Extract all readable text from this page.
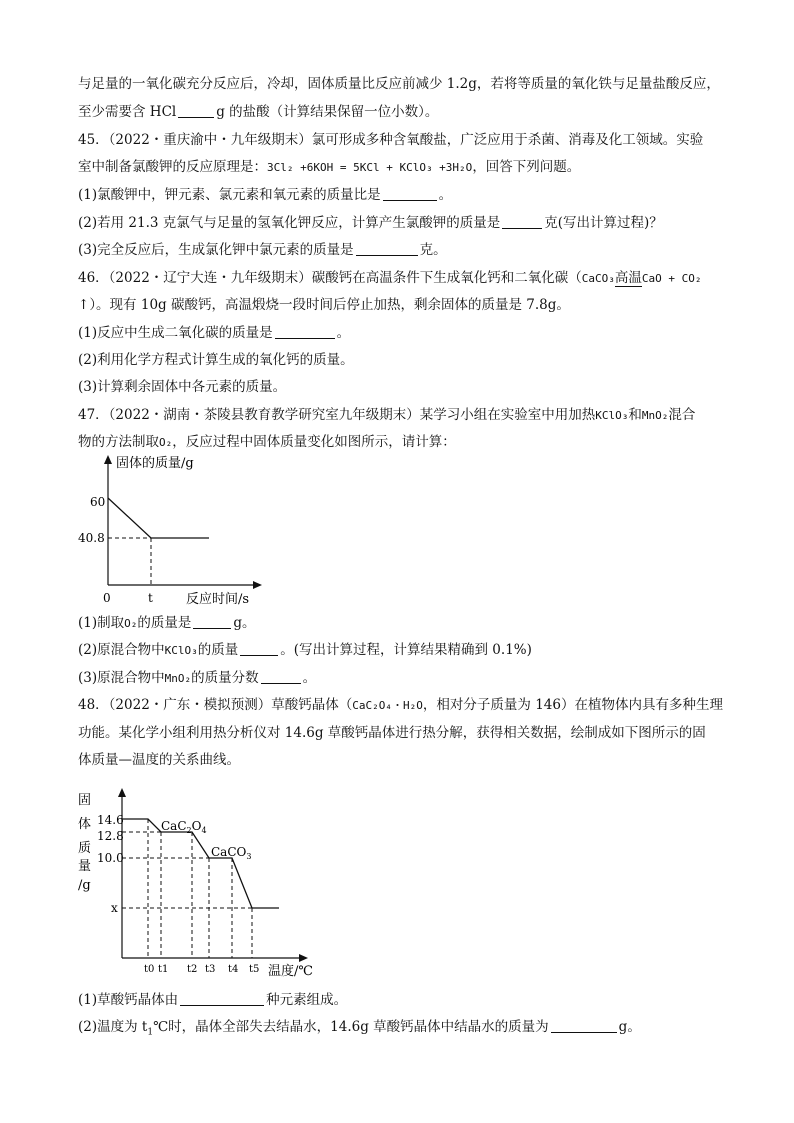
与足量的一氧化碳充分反应后，冷却，固体质量比反应前减少 1.2g，若将等质量的氧化铁与足量盐酸反应，
至少需要含 HCl	g 的盐酸（计算结果保留一位小数）。
45．（2022・重庆渝中・九年级期末）氯可形成多种含氧酸盐，广泛应用于杀菌、消毒及化工领域。实验
室中制备氯酸钾的反应原理是：3Cl₂ +6KOH = 5KCl + KClO₃ +3H₂O，回答下列问题。
(1)氯酸钾中，钾元素、氯元素和氧元素的质量比是	。
(2)若用 21.3 克氯气与足量的氢氧化钾反应，计算产生氯酸钾的质量是	克(写出计算过程)？
(3)完全反应后，生成氯化钾中氯元素的质量是	克。
46．（2022・辽宁大连・九年级期末）碳酸钙在高温条件下生成氧化钙和二氧化碳（CaCO₃高温CaO + CO₂
↑）。现有 10g 碳酸钙，高温煅烧一段时间后停止加热，剩余固体的质量是 7.8g。
(1)反应中生成二氧化碳的质量是	。
(2)利用化学方程式计算生成的氧化钙的质量。
(3)计算剩余固体中各元素的质量。
47．（2022・湖南・茶陵县教育教学研究室九年级期末）某学习小组在实验室中用加热KClO₃和MnO₂混合
物的方法制取O₂，反应过程中固体质量变化如图所示，请计算：
固体的质量/g
60
40.8
0	t	反应时间/s
(1)制取O₂的质量是	g。
(2)原混合物中KClO₃的质量	。(写出计算过程，计算结果精确到 0.1%)
(3)原混合物中MnO₂的质量分数	。
48．（2022・广东・模拟预测）草酸钙晶体（CaC₂O₄・H₂O，相对分子质量为 146）在植物体内具有多种生理
功能。某化学小组利用热分析仪对 14.6g 草酸钙晶体进行热分解，获得相关数据，绘制成如下图所示的固
体质量—温度的关系曲线。
固
体
质
量
/g
14.6
12.8
10.0
x
$CaC_2O_4$
CaCO$_3$
t0 t1 t2 t3 t4 t5 温度/℃
(1)草酸钙晶体由	种元素组成。
(2)温度为 $t_1℃$时，晶体全部失去结晶水，14.6g 草酸钙晶体中结晶水的质量为	g。
